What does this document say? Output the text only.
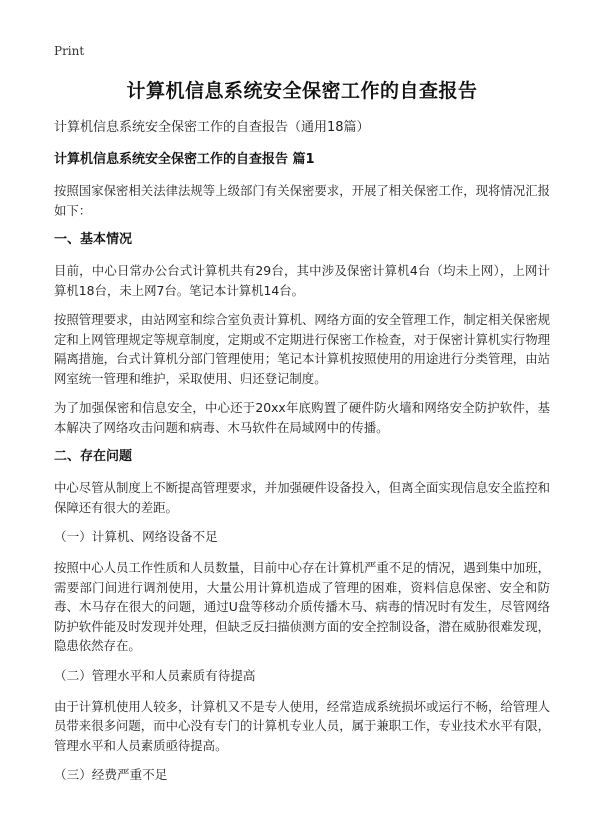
Print
计算机信息系统安全保密工作的自查报告
计算机信息系统安全保密工作的自查报告（通用18篇）
计算机信息系统安全保密工作的自查报告 篇1
按照国家保密相关法律法规等上级部门有关保密要求，开展了相关保密工作，现将情况汇报如下：
一、基本情况
目前，中心日常办公台式计算机共有29台，其中涉及保密计算机4台（均未上网），上网计算机18台，未上网7台。笔记本计算机14台。
按照管理要求，由站网室和综合室负责计算机、网络方面的安全管理工作，制定相关保密规定和上网管理规定等规章制度，定期或不定期进行保密工作检查，对于保密计算机实行物理隔离措施，台式计算机分部门管理使用；笔记本计算机按照使用的用途进行分类管理，由站网室统一管理和维护，采取使用、归还登记制度。
为了加强保密和信息安全，中心还于20xx年底购置了硬件防火墙和网络安全防护软件，基本解决了网络攻击问题和病毒、木马软件在局域网中的传播。
二、存在问题
中心尽管从制度上不断提高管理要求，并加强硬件设备投入，但离全面实现信息安全监控和保障还有很大的差距。
（一）计算机、网络设备不足
按照中心人员工作性质和人员数量，目前中心存在计算机严重不足的情况，遇到集中加班，需要部门间进行调剂使用，大量公用计算机造成了管理的困难，资料信息保密、安全和防毒、木马存在很大的问题，通过U盘等移动介质传播木马、病毒的情况时有发生，尽管网络防护软件能及时发现并处理，但缺乏反扫描侦测方面的安全控制设备，潜在威胁很难发现，隐患依然存在。
（二）管理水平和人员素质有待提高
由于计算机使用人较多，计算机又不是专人使用，经常造成系统损坏或运行不畅，给管理人员带来很多问题，而中心没有专门的计算机专业人员，属于兼职工作，专业技术水平有限，管理水平和人员素质亟待提高。
（三）经费严重不足
